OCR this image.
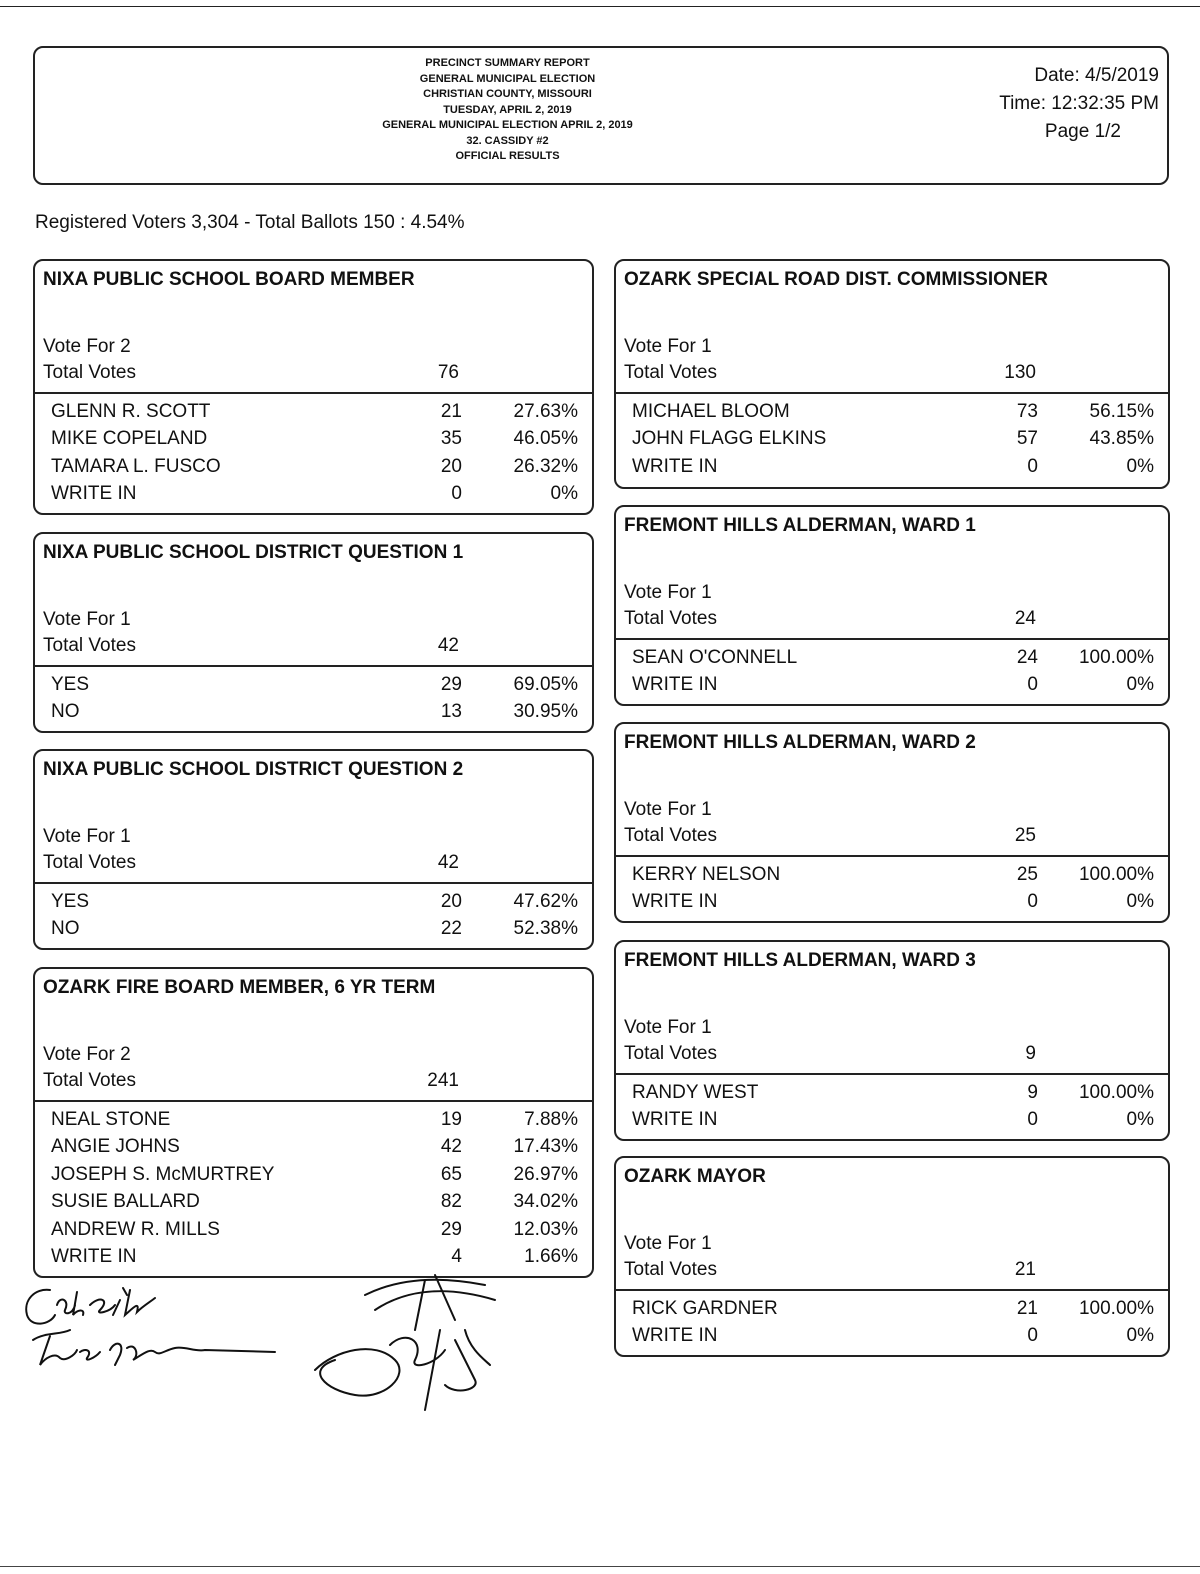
PRECINCT SUMMARY REPORT
GENERAL MUNICIPAL ELECTION
CHRISTIAN COUNTY, MISSOURI
TUESDAY, APRIL 2, 2019
GENERAL MUNICIPAL ELECTION APRIL 2, 2019
32. CASSIDY #2
OFFICIAL RESULTS
Date: 4/5/2019
Time: 12:32:35 PM
Page 1/2
Registered Voters 3,304 - Total Ballots 150 : 4.54%
NIXA PUBLIC SCHOOL BOARD MEMBER
Vote For 2
Total Votes	76
GLENN R. SCOTT	21	27.63%
MIKE COPELAND	35	46.05%
TAMARA L. FUSCO	20	26.32%
WRITE IN	0	0%
NIXA PUBLIC SCHOOL DISTRICT QUESTION 1
Vote For 1
Total Votes	42
YES	29	69.05%
NO	13	30.95%
NIXA PUBLIC SCHOOL DISTRICT QUESTION 2
Vote For 1
Total Votes	42
YES	20	47.62%
NO	22	52.38%
OZARK FIRE BOARD MEMBER, 6 YR TERM
Vote For 2
Total Votes	241
NEAL STONE	19	7.88%
ANGIE JOHNS	42	17.43%
JOSEPH S. McMURTREY	65	26.97%
SUSIE BALLARD	82	34.02%
ANDREW R. MILLS	29	12.03%
WRITE IN	4	1.66%
OZARK SPECIAL ROAD DIST. COMMISSIONER
Vote For 1
Total Votes	130
MICHAEL BLOOM	73	56.15%
JOHN FLAGG ELKINS	57	43.85%
WRITE IN	0	0%
FREMONT HILLS ALDERMAN, WARD 1
Vote For 1
Total Votes	24
SEAN O'CONNELL	24 100.00%
WRITE IN	0	0%
FREMONT HILLS ALDERMAN, WARD 2
Vote For 1
Total Votes	25
KERRY NELSON	25 100.00%
WRITE IN	0	0%
FREMONT HILLS ALDERMAN, WARD 3
Vote For 1
Total Votes	9
RANDY WEST	9 100.00%
WRITE IN	0	0%
OZARK MAYOR
Vote For 1
Total Votes	21
RICK GARDNER	21 100.00%
WRITE IN	0	0%
